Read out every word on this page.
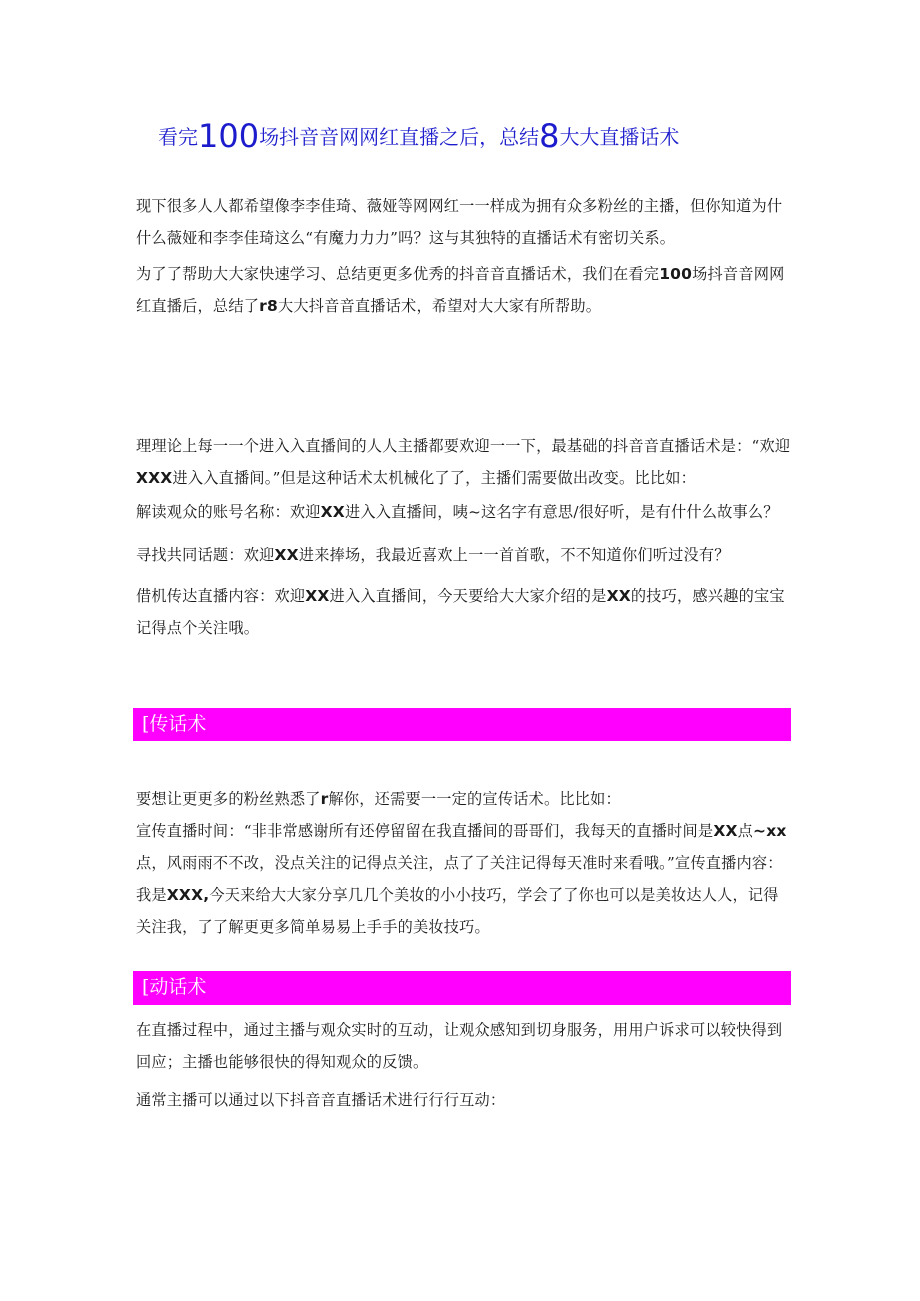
看完100场抖音音网网红直播之后，总结8大大直播话术

现下很多人人都希望像李李佳琦、薇娅等网网红一一样成为拥有众多粉丝的主播，但你知道为什什么薇娅和李李佳琦这么“有魔力力力”吗？这与其独特的直播话术有密切关系。

为了了帮助大大家快速学习、总结更更多优秀的抖音音直播话术，我们在看完100场抖音音网网红直播后，总结了r8大大抖音音直播话术，希望对大大家有所帮助。

理理论上每一一个进入入直播间的人人主播都要欢迎一一下，最基础的抖音音直播话术是：“欢迎XXX进入入直播间。”但是这种话术太机械化了了，主播们需要做出改变。比比如：

解读观众的账号名称：欢迎XX进入入直播间，咦~这名字有意思/很好听，是有什什么故事么？

寻找共同话题：欢迎XX进来捧场，我最近喜欢上一一首首歌，不不知道你们听过没有？

借机传达直播内容：欢迎XX进入入直播间，今天要给大大家介绍的是XX的技巧，感兴趣的宝宝记得点个关注哦。

[传话术

要想让更更多的粉丝熟悉了r解你，还需要一一定的宣传话术。比比如：

宣传直播时间：“非非常感谢所有还停留留在我直播间的哥哥们，我每天的直播时间是XX点~xx点，风雨雨不不改，没点关注的记得点关注，点了了关注记得每天准时来看哦。”宣传直播内容：我是XXX,今天来给大大家分享几几个美妆的小小技巧，学会了了你也可以是美妆达人人，记得关注我，了了解更更多简单易易上手手的美妆技巧。

[动话术

在直播过程中，通过主播与观众实时的互动，让观众感知到切身服务，用用户诉求可以较快得到回应；主播也能够很快的得知观众的反馈。

通常主播可以通过以下抖音音直播话术进行行行互动：
